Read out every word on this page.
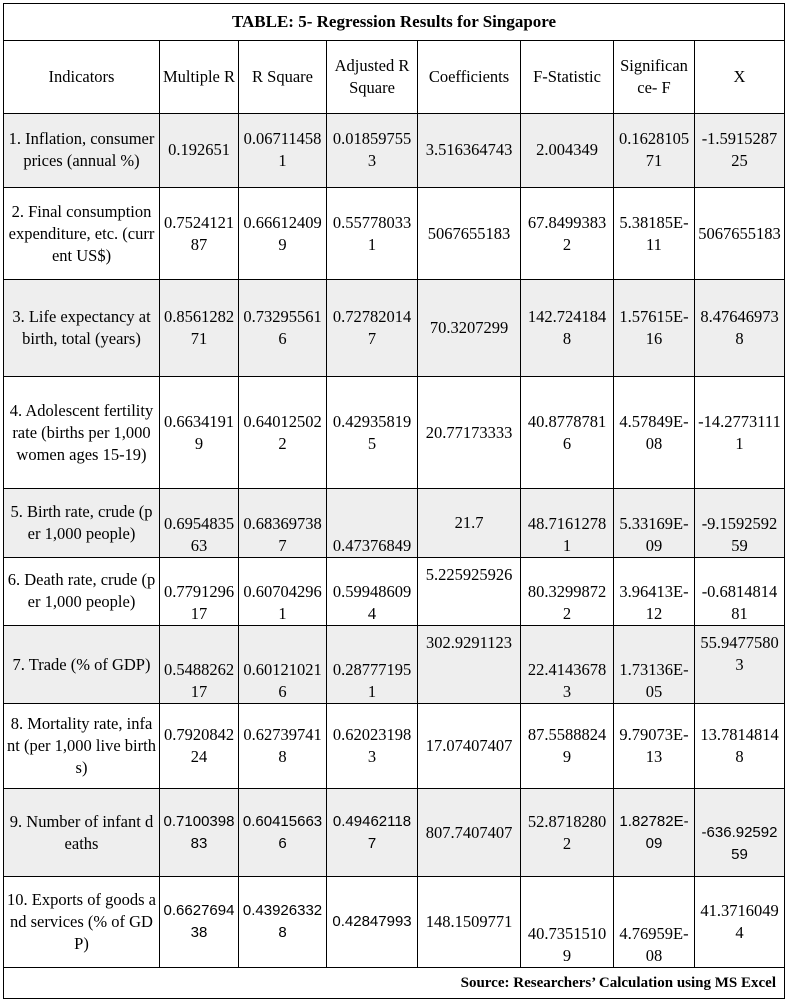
TABLE: 5- Regression Results for Singapore							
Indicators	Multiple R	R Square	Adjusted R Square	Coefficients	F-Statistic	Significance- F	X
1. Inflation, consumer prices (annual %)	0.192651	0.067114581	0.018597553	3.516364743	2.004349	0.162810571	-1.591528725
2. Final consumption expenditure, etc. (current US$)	0.752412187	0.666124099	0.557780331	5067655183	67.84993832	5.38185E-11	5067655183
3. Life expectancy at birth, total (years)	0.856128271	0.732955616	0.727820147	70.3207299	142.7241848	1.57615E-16	8.476469738
4. Adolescent fertility rate (births per 1,000 women ages 15-19)	0.66341919	0.640125022	0.429358195	20.77173333	40.87787816	4.57849E-08	-14.27731111
5. Birth rate, crude (per 1,000 people)	0.695483563	0.683697387	0.47376849	21.7	48.71612781	5.33169E-09	-9.159259259
6. Death rate, crude (per 1,000 people)	0.779129617	0.607042961	0.599486094	5.225925926	80.32998722	3.96413E-12	-0.681481481
7. Trade (% of GDP)	0.548826217	0.601210216	0.287771951	302.9291123	22.41436783	1.73136E-05	55.94775803
8. Mortality rate, infant (per 1,000 live births)	0.792084224	0.627397418	0.620231983	17.07407407	87.55888249	9.79073E-13	13.78148148
9. Number of infant deaths	0.710039883	0.604156636	0.494621187	807.7407407	52.87182802	1.82782E-09	-636.9259259
10. Exports of goods and services (% of GDP)	0.662769438	0.439263328	0.42847993	148.1509771	40.73515109	4.76959E-08	41.37160494
Source: Researchers’ Calculation using MS Excel							
